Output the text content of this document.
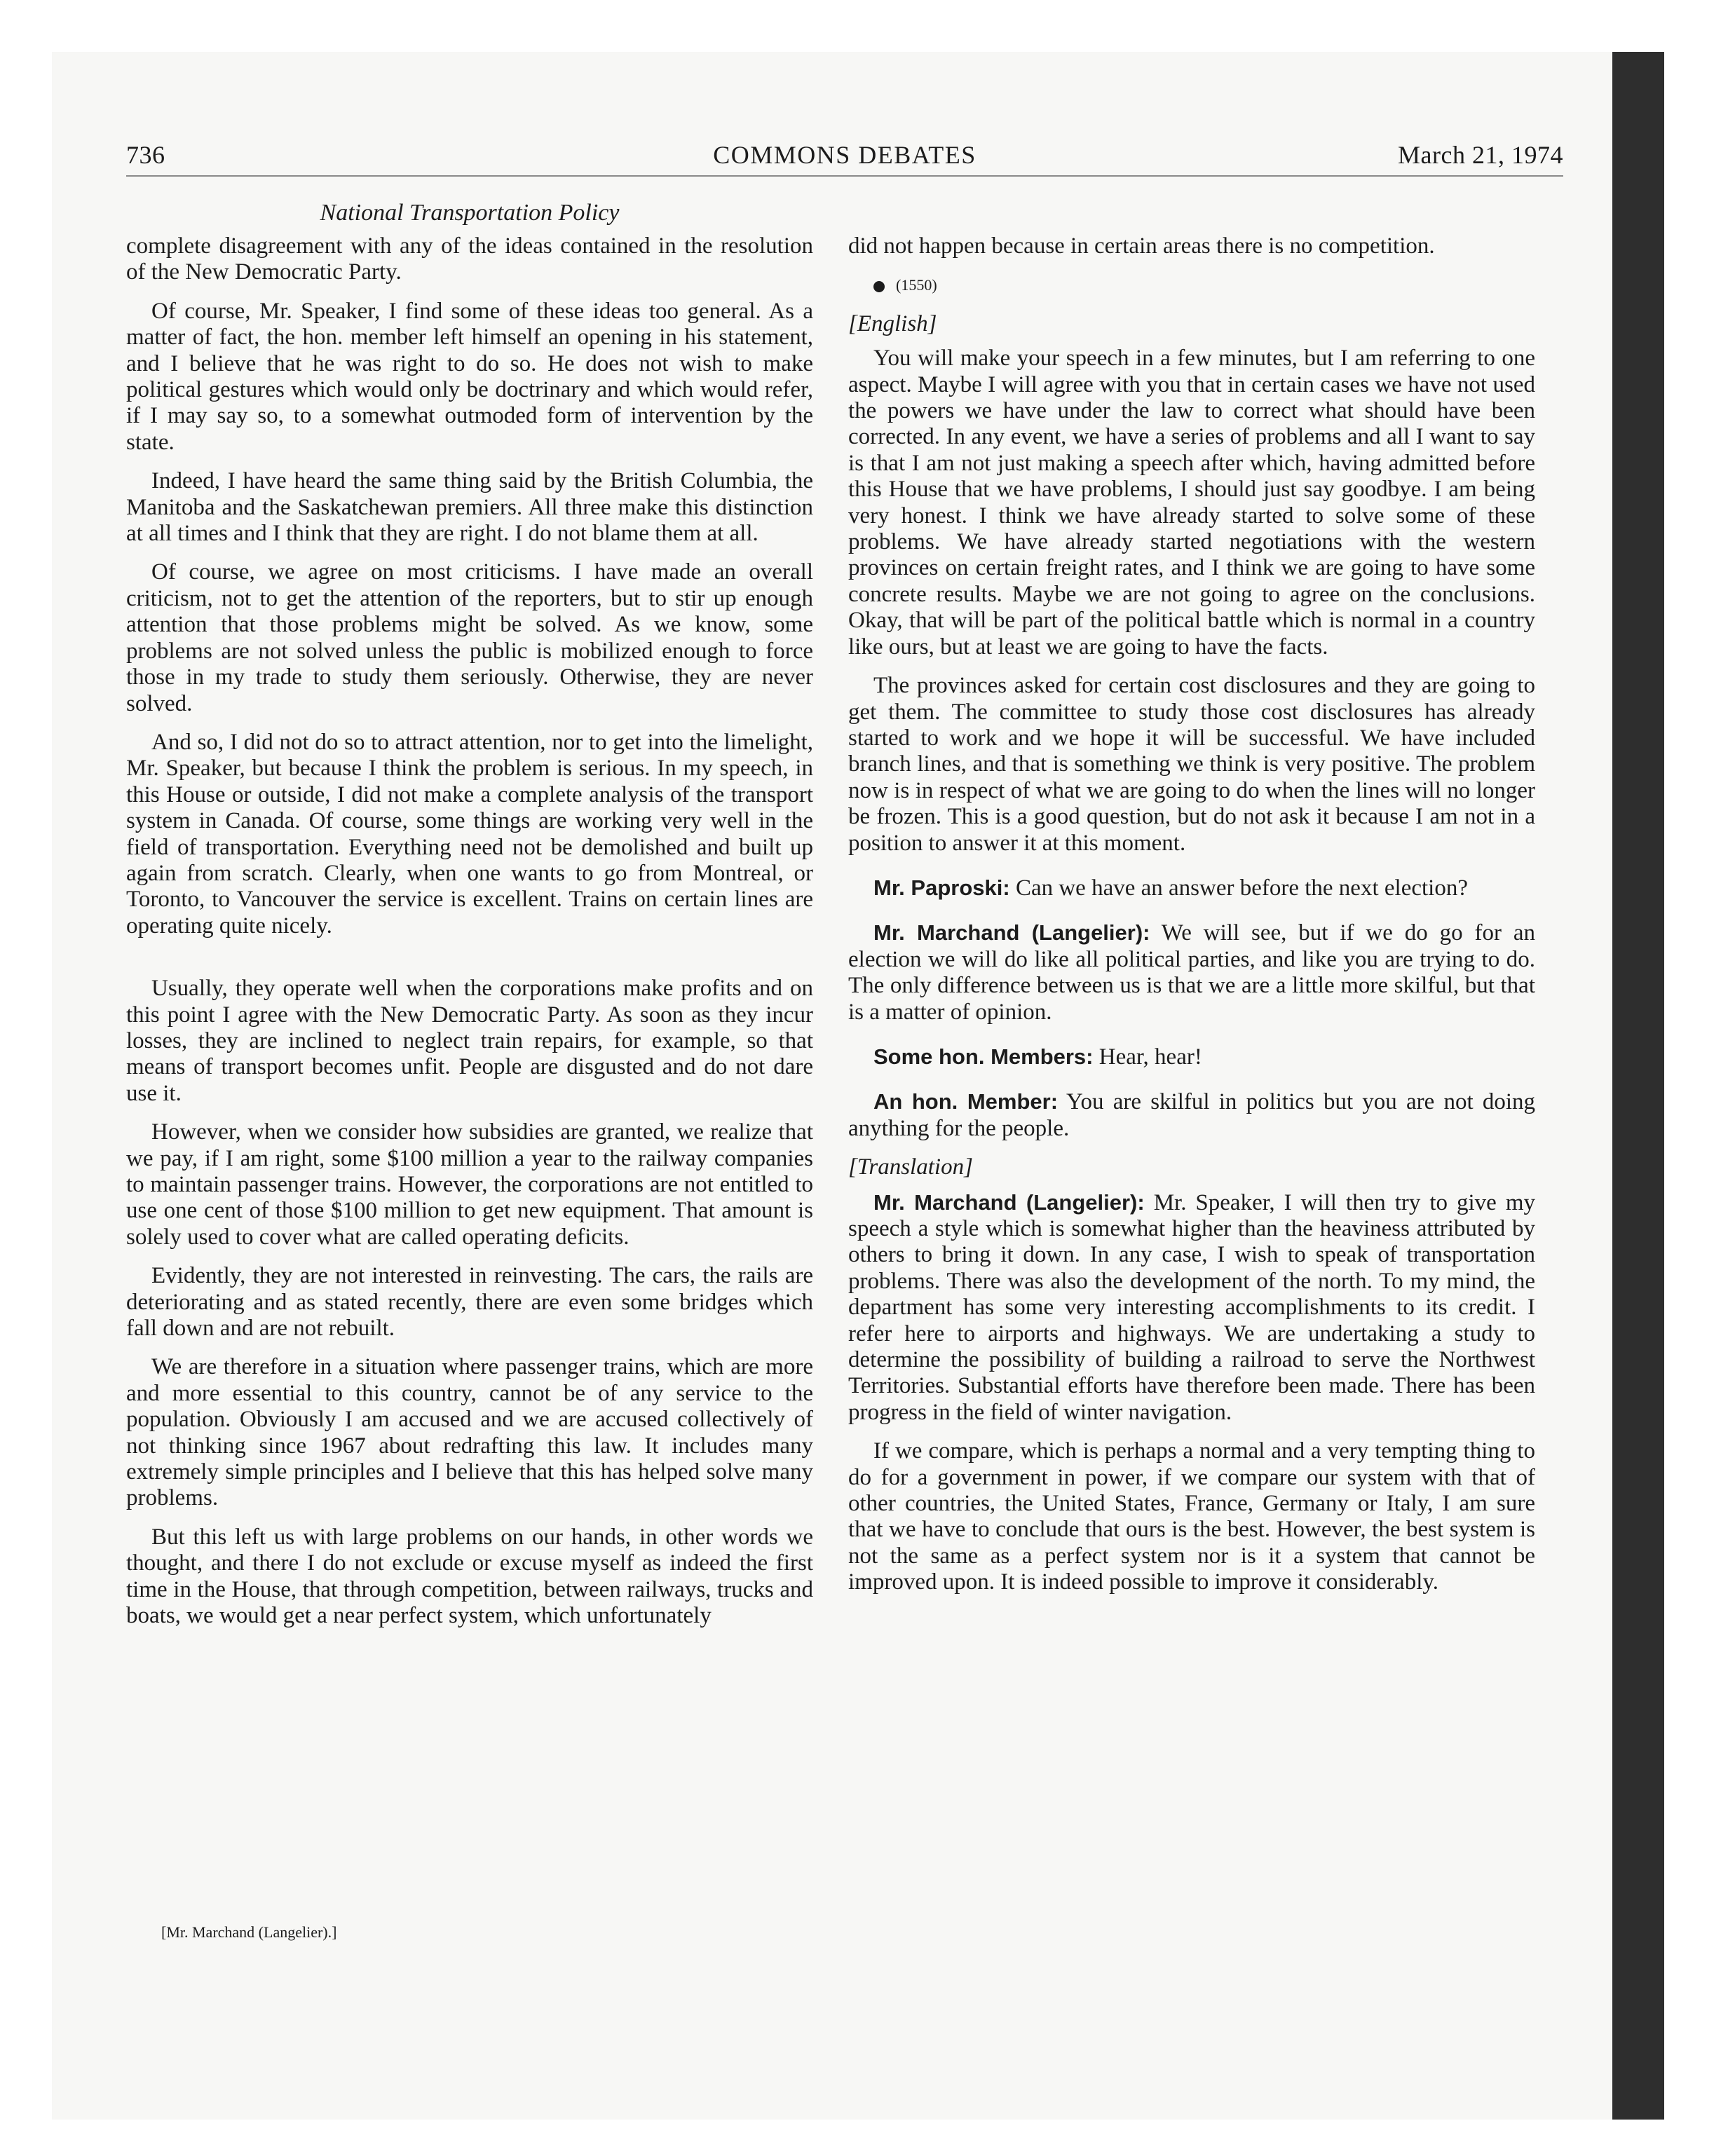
736	COMMONS DEBATES	March 21, 1974
National Transportation Policy

complete disagreement with any of the ideas contained in the resolution of the New Democratic Party.

Of course, Mr. Speaker, I find some of these ideas too general. As a matter of fact, the hon. member left himself an opening in his statement, and I believe that he was right to do so. He does not wish to make political gestures which would only be doctrinary and which would refer, if I may say so, to a somewhat outmoded form of intervention by the state.

Indeed, I have heard the same thing said by the British Columbia, the Manitoba and the Saskatchewan premiers. All three make this distinction at all times and I think that they are right. I do not blame them at all.

Of course, we agree on most criticisms. I have made an overall criticism, not to get the attention of the reporters, but to stir up enough attention that those problems might be solved. As we know, some problems are not solved unless the public is mobilized enough to force those in my trade to study them seriously. Otherwise, they are never solved.

And so, I did not do so to attract attention, nor to get into the limelight, Mr. Speaker, but because I think the problem is serious. In my speech, in this House or outside, I did not make a complete analysis of the transport system in Canada. Of course, some things are working very well in the field of transportation. Everything need not be demolished and built up again from scratch. Clearly, when one wants to go from Montreal, or Toronto, to Vancouver the service is excellent. Trains on certain lines are operating quite nicely.

Usually, they operate well when the corporations make profits and on this point I agree with the New Democratic Party. As soon as they incur losses, they are inclined to neglect train repairs, for example, so that means of transport becomes unfit. People are disgusted and do not dare use it.

However, when we consider how subsidies are granted, we realize that we pay, if I am right, some $100 million a year to the railway companies to maintain passenger trains. However, the corporations are not entitled to use one cent of those $100 million to get new equipment. That amount is solely used to cover what are called operating deficits.

Evidently, they are not interested in reinvesting. The cars, the rails are deteriorating and as stated recently, there are even some bridges which fall down and are not rebuilt.

We are therefore in a situation where passenger trains, which are more and more essential to this country, cannot be of any service to the population. Obviously I am accused and we are accused collectively of not thinking since 1967 about redrafting this law. It includes many extremely simple principles and I believe that this has helped solve many problems.

But this left us with large problems on our hands, in other words we thought, and there I do not exclude or excuse myself as indeed the first time in the House, that through competition, between railways, trucks and boats, we would get a near perfect system, which unfortunately

[Mr. Marchand (Langelier).]

did not happen because in certain areas there is no competition.

(1550)

[English]

You will make your speech in a few minutes, but I am referring to one aspect. Maybe I will agree with you that in certain cases we have not used the powers we have under the law to correct what should have been corrected. In any event, we have a series of problems and all I want to say is that I am not just making a speech after which, having admitted before this House that we have problems, I should just say goodbye. I am being very honest. I think we have already started to solve some of these problems. We have already started negotiations with the western provinces on certain freight rates, and I think we are going to have some concrete results. Maybe we are not going to agree on the conclusions. Okay, that will be part of the political battle which is normal in a country like ours, but at least we are going to have the facts.

The provinces asked for certain cost disclosures and they are going to get them. The committee to study those cost disclosures has already started to work and we hope it will be successful. We have included branch lines, and that is something we think is very positive. The problem now is in respect of what we are going to do when the lines will no longer be frozen. This is a good question, but do not ask it because I am not in a position to answer it at this moment.

Mr. Paproski: Can we have an answer before the next election?

Mr. Marchand (Langelier): We will see, but if we do go for an election we will do like all political parties, and like you are trying to do. The only difference between us is that we are a little more skilful, but that is a matter of opinion.

Some hon. Members: Hear, hear!

An hon. Member: You are skilful in politics but you are not doing anything for the people.

[Translation]

Mr. Marchand (Langelier): Mr. Speaker, I will then try to give my speech a style which is somewhat higher than the heaviness attributed by others to bring it down. In any case, I wish to speak of transportation problems. There was also the development of the north. To my mind, the department has some very interesting accomplishments to its credit. I refer here to airports and highways. We are undertaking a study to determine the possibility of building a railroad to serve the Northwest Territories. Substantial efforts have therefore been made. There has been progress in the field of winter navigation.

If we compare, which is perhaps a normal and a very tempting thing to do for a government in power, if we compare our system with that of other countries, the United States, France, Germany or Italy, I am sure that we have to conclude that ours is the best. However, the best system is not the same as a perfect system nor is it a system that cannot be improved upon. It is indeed possible to improve it considerably.
